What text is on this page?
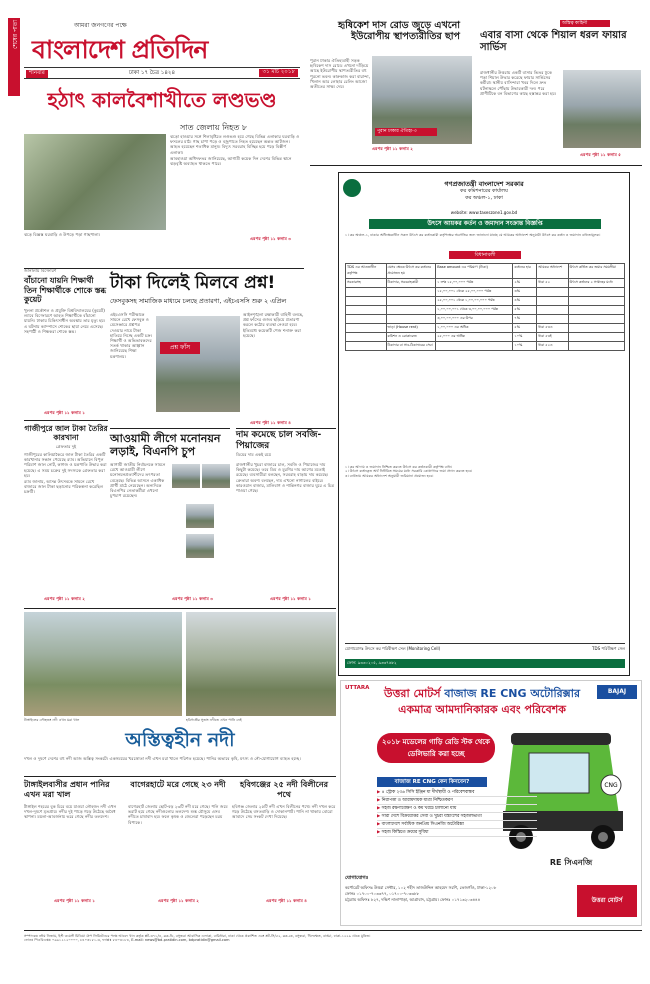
শেষের পাতা	আমরা জনগণের পক্ষে
বাংলাদেশ প্রতিদিন
শনিবার	ঢাকা ১৭ চৈত্র ১৪২৪	৩১ মার্চ ২০১৮
হঠাৎ কালবৈশাখীতে লণ্ডভণ্ড
সাত জেলায় নিহত ৮
ঝড়ে বিধ্বস্ত ঘরবাড়ি ও উপড়ে পড়া গাছপালা।

ঝড়ো হাওয়ার সঙ্গে শিলাবৃষ্টিতে লণ্ডভণ্ড হয়ে গেছে বিভিন্ন এলাকার ঘরবাড়ি ও ফসলের মাঠ। গাছ চাপা পড়ে ও বজ্রপাতে নিহত হয়েছেন অন্তত আটজন। আহত হয়েছেন শতাধিক মানুষ। বিদ্যুৎ সরবরাহ বিচ্ছিন্ন হয়ে পড়ে বিস্তীর্ণ এলাকা।

আবহাওয়া অধিদফতর জানিয়েছে, আগামী কয়েক দিন দেশের বিভিন্ন স্থানে ঝড়বৃষ্টি অব্যাহত থাকতে পারে।

এরপর পৃষ্ঠা ১১ কলাম ৩
হৃষিকেশ দাস রোড জুড়ে এখনো ইউরোপীয় স্থাপত্যরীতির ছাপ

পুরান ঢাকার ঐতিহ্যবাহী সড়ক হৃষিকেশ দাস রোডে এখনো দাঁড়িয়ে আছে ইউরোপীয় স্থাপত্যরীতির বহু পুরনো ভবন। কারুকাজ করা বারান্দা, খিলান আর লোহার রেলিং আজো অতীতের সাক্ষ্য দেয়।

পুরান ঢাকার ঐতিহ্য-৩
এরপর পৃষ্ঠা ১১ কলাম ২
অস্তিত্ব কাহিনী
এবার বাসা থেকে শিয়াল ধরল ফায়ার সার্ভিস

রাজধানীর উত্তরায় একটি বাসার ভিতর ঢুকে পড়া শিয়াল উদ্ধার করেছে ফায়ার সার্ভিসের কর্মীরা। স্থানীয় বাসিন্দারা খবর দিলে দ্রুত ঘটনাস্থলে পৌঁছায় উদ্ধারকারী দল। পরে প্রাণীটিকে বন বিভাগের কাছে হস্তান্তর করা হয়।

এরপর পৃষ্ঠা ১১ কলাম ৫
গণপ্রজাতন্ত্রী বাংলাদেশ সরকার
কর কমিশনারের কার্যালয়
কর অঞ্চল-১, ঢাকা
website: www.taxeszone1.gov.bd
উৎসে আয়কর কর্তন ও জমাদান সংক্রান্ত বিজ্ঞপ্তি
১। কর অঞ্চল-১, ঢাকার অধিক্ষেত্রাধীন সকল উৎসে কর কর্তনকারী কর্তৃপক্ষের অবগতির জন্য জানানো যাচ্ছে যে আয়কর অধ্যাদেশ অনুযায়ী উৎসে কর কর্তন ও জমাদান বাধ্যতামূলক।
বিধানাবলী
TDS এর আওতাধীন কর্তৃপক্ষ	যেসব ক্ষেত্রে উৎসে কর কর্তনের প্রয়োজন হয়	Base amount এর পরিমাণ (টাকা)	কর্তনের হার	আয়কর অধ্যাদেশ	উৎসে কর্তিত কর জমার সময়সীমা
সরকারসহ	ঠিকাদার, সরবরাহকারী	১ লক্ষ ১৫,০০,০০০ পর্যন্ত	২%	ধারা ৫২	উৎসে কর্তনের ২ সপ্তাহের মধ্যে
		১৫,০০,০০১ থেকে ২৫,০০,০০০ পর্যন্ত	৩%		
		২৫,০০,০০১ থেকে ১,০০,০০,০০০ পর্যন্ত	৪%		
		১,০০,০০,০০১ থেকে ৩,০০,০০,০০০ পর্যন্ত	৫%		
		৩,০০,০০,০০০ এর উপর	৭%		
	ভাড়া (House rent)	১,০০,০০০ এর অধিক	৫%	ধারা ৫৩এ	
	কমিশন ও ব্রোকারেজ	২৫,০০০ এর অধিক	১০%	ধারা ৫৩ই	
	ঠিকাদার বা সাব-ঠিকাদারের সেবা		১০%	ধারা ৫২এ	
১। কর আদায় ও জমাদান নিশ্চিত করতে উৎসে কর কর্তনকারী কর্তৃপক্ষ বাধ্য।
২। উৎসে কর্তনকৃত অর্থ নির্ধারিত সময়ের মধ্যে সরকারি কোষাগারে জমা প্রদান করতে হবে।
৩। ব্যর্থতায় আয়কর অধ্যাদেশ অনুযায়ী জরিমানা প্রযোজ্য হবে।
যোগাযোগঃ উৎসে কর পরিবীক্ষণ সেল (Monitoring Cell)	TDS পরিবীক্ষণ সেল
ফোন: ৯৩৩০২০৫, ৯৩৩৭৬৮২
টাকা দিলেই মিলবে প্রশ্ন!
ফেসবুকসহ সামাজিক মাধ্যমে চলছে প্রতারণা, এইচএসসি শুরু ২ এপ্রিল
প্রশ্ন ফাঁস

এইচএসসি পরীক্ষাকে সামনে রেখে ফেসবুক ও মেসেঞ্জারে প্রশ্নপত্র দেওয়ার নামে টাকা হাতিয়ে নিচ্ছে একটি চক্র। শিক্ষার্থী ও অভিভাবকদের সতর্ক থাকার আহ্বান জানিয়েছে শিক্ষা মন্ত্রণালয়।

আইনশৃঙ্খলা রক্ষাকারী বাহিনী বলছে, প্রশ্ন ফাঁসের গুজব ছড়িয়ে প্রতারণা করলে কঠোর ব্যবস্থা নেওয়া হবে। ইতিমধ্যে কয়েকটি পেজ শনাক্ত করা হয়েছে।

এরপর পৃষ্ঠা ১১ কলাম ৪
জানালায় বিস্ফোরণ
বাঁচানো যায়নি শিক্ষার্থী তিন শিক্ষার্থীকে শোকে স্তব্ধ কুয়েট

খুলনা প্রকৌশল ও প্রযুক্তি বিশ্ববিদ্যালয়ের (কুয়েট) ল্যাবে বিস্ফোরণে আহত শিক্ষার্থীকে বাঁচানো যায়নি। ঢাকায় চিকিৎসাধীন অবস্থায় তার মৃত্যু হয়। এ ঘটনায় ক্যাম্পাসে শোকের ছায়া নেমে এসেছে। সহপাঠী ও শিক্ষকরা শোকে স্তব্ধ।

এরপর পৃষ্ঠা ১১ কলাম ১
গাজীপুরে জাল টাকা তৈরির কারখানা
গ্রেফতার দুই

গাজীপুরের কালিয়াকৈরে জাল টাকা তৈরির একটি কারখানার সন্ধান পেয়েছে র‌্যাব। অভিযানে বিপুল পরিমাণ জাল নোট, কাগজ ও যন্ত্রপাতি উদ্ধার করা হয়েছে। এ সময় চক্রের দুই সদস্যকে গ্রেফতার করা হয়।

র‌্যাব জানায়, আসন্ন উৎসবকে সামনে রেখে বাজারে জাল টাকা ছড়ানোর পরিকল্পনা করেছিল চক্রটি।

এরপর পৃষ্ঠা ১১ কলাম ২
আওয়ামী লীগে মনোনয়ন লড়াই, বিএনপি চুপ

আগামী জাতীয় নির্বাচনকে সামনে রেখে আওয়ামী লীগে মনোনয়নপ্রত্যাশীদের তৎপরতা বেড়েছে। বিভিন্ন আসনে একাধিক প্রার্থী মাঠে নেমেছেন। অন্যদিকে বিএনপির নেতাকর্মীরা এখনো চুপচাপ রয়েছেন।

এরপর পৃষ্ঠা ১১ কলাম ৩
দাম কমেছে চাল সবজি-পিয়াজের
ডিমের দাম একই রয়ে

রাজধানীর খুচরা বাজারে চাল, সবজি ও পিয়াজের দাম কিছুটা কমেছে। তবে ডিম ও মুরগির দাম আগের মতোই রয়েছে। ব্যবসায়ীরা বলছেন, সরবরাহ বাড়ায় দাম কমেছে। ক্রেতারা অবশ্য বলছেন, দাম এখনো নাগালের বাইরে। কারওয়ান বাজার, মালিবাগ ও শান্তিনগর বাজার ঘুরে এ চিত্র পাওয়া গেছে।

এরপর পৃষ্ঠা ১১ কলাম ১
টাঙ্গাইলের লৌহজং নদী এখন মরা খাল	হবিগঞ্জের সুতাং নদীতে এখন পানি নেই
অস্তিত্বহীন নদী

দখল ও দূষণে দেশের বহু নদী আজ অস্তিত্ব সংকটে। একসময়ের খরস্রোতা নদী এখন মরা খালে পরিণত হয়েছে। পানির অভাবে কৃষি, মৎস্য ও নৌ-যোগাযোগ ব্যাহত হচ্ছে।

টাঙ্গাইলবাসীর প্রধান পানির এখন মরা খাল

টাঙ্গাইল শহরের বুক চিরে বয়ে যাওয়া লৌহজং নদী এখন দখল-দূষণে মৃতপ্রায়। নদীর দুই পাড়ে গড়ে উঠেছে অবৈধ স্থাপনা। ময়লা-আবর্জনায় ভরে গেছে নদীর তলদেশ।

এরপর পৃষ্ঠা ১১ কলাম ১
বাগেরহাটে মরে গেছে ২৩ নদী

বাগেরহাট জেলায় ছোট-বড় ২৩টি নদী মরে গেছে। পলি জমে ভরাট হয়ে গেছে নদীগুলোর তলদেশ। শুষ্ক মৌসুমে এসব নদীতে চাষাবাদ হয়। ফলে কৃষক ও জেলেরা পড়েছেন চরম বিপাকে।

এরপর পৃষ্ঠা ১১ কলাম ২
হবিগঞ্জের ২৫ নদী বিলীনের পথে

হবিগঞ্জ জেলার ২৫টি নদী এখন বিলীনের পথে। নদী দখল করে গড়ে উঠেছে বসতবাড়ি ও দোকানপাট। পানি না থাকায় বোরো আবাদে সেচ সংকট দেখা দিয়েছে।

এরপর পৃষ্ঠা ১১ কলাম ৪
UTTARA	BAJAJ
উত্তরা মোটর্স বাজাজ RE CNG অটোরিক্সার
একমাত্র আমদানিকারক এবং পরিবেশক
২০১৮ মডেলের গাড়ি রেডি স্টক থেকে ডেলিভারি করা হচ্ছে
CNG
বাজাজ RE CNG কেন কিনবেন?
▶ ৪ স্ট্রোক ২৩৬ সিসি ইঞ্জিন যা দীর্ঘস্থায়ী ও পরিবেশবান্ধব
▶ নিরাপত্তা ও আরামদায়ক যাত্রা নিশ্চিতকরণ
▶ সহজ রক্ষণাবেক্ষণ ও কম খরচে চালানো যায়
▶ সারা দেশে বিক্রয়োত্তর সেবা ও খুচরা যন্ত্রাংশের সহজলভ্যতা
▶ বাংলাদেশে সর্বাধিক জনপ্রিয় সিএনজি অটোরিক্সা
▶ সহজ কিস্তিতে ক্রয়ের সুবিধা
RE সিএনজি
যোগাযোগঃ
কর্পোরেট অফিসঃ উত্তরা সেন্টার, ১০২ শহীদ তাজউদ্দিন আহমেদ সরণি, তেজগাঁও, ঢাকা-১২০৮
ফোনঃ ০১৭০০-৭০৩৩৭৭, ০১৭০০-৭০৩৩৮৮
চট্টগ্রাম অফিসঃ ৮২৭, দক্ষিণ নালাপাড়া, আগ্রাবাদ, চট্টগ্রাম। ফোনঃ ০১৭১৩২০৩৪৪৪	উত্তরা মোটর্স
সম্পাদকঃ নঈম নিজাম, ইস্ট ওয়েস্ট মিডিয়া গ্রুপ লিমিটেডের পক্ষে আবেদ খান কর্তৃক প্লট-৩৭১/এ, ব্লক-ডি, বসুন্ধরা আবাসিক এলাকা, বারিধারা, ঢাকা থেকে প্রকাশিত এবং প্লট-সি/৫২, ব্লক-কে, বসুন্ধরা, খিলক্ষেত, বাড্ডা, ঢাকা-১২২৯ থেকে মুদ্রিত।
ফোনঃ পিএবিএক্সঃ ০৯৬১২১২০০০০, ৮৪০৩১৮১-৩, ফ্যাক্সঃ ৮৪০৩১৮৪, E-mail: news@bd-pratidin.com, bdpratidin@gmail.com
